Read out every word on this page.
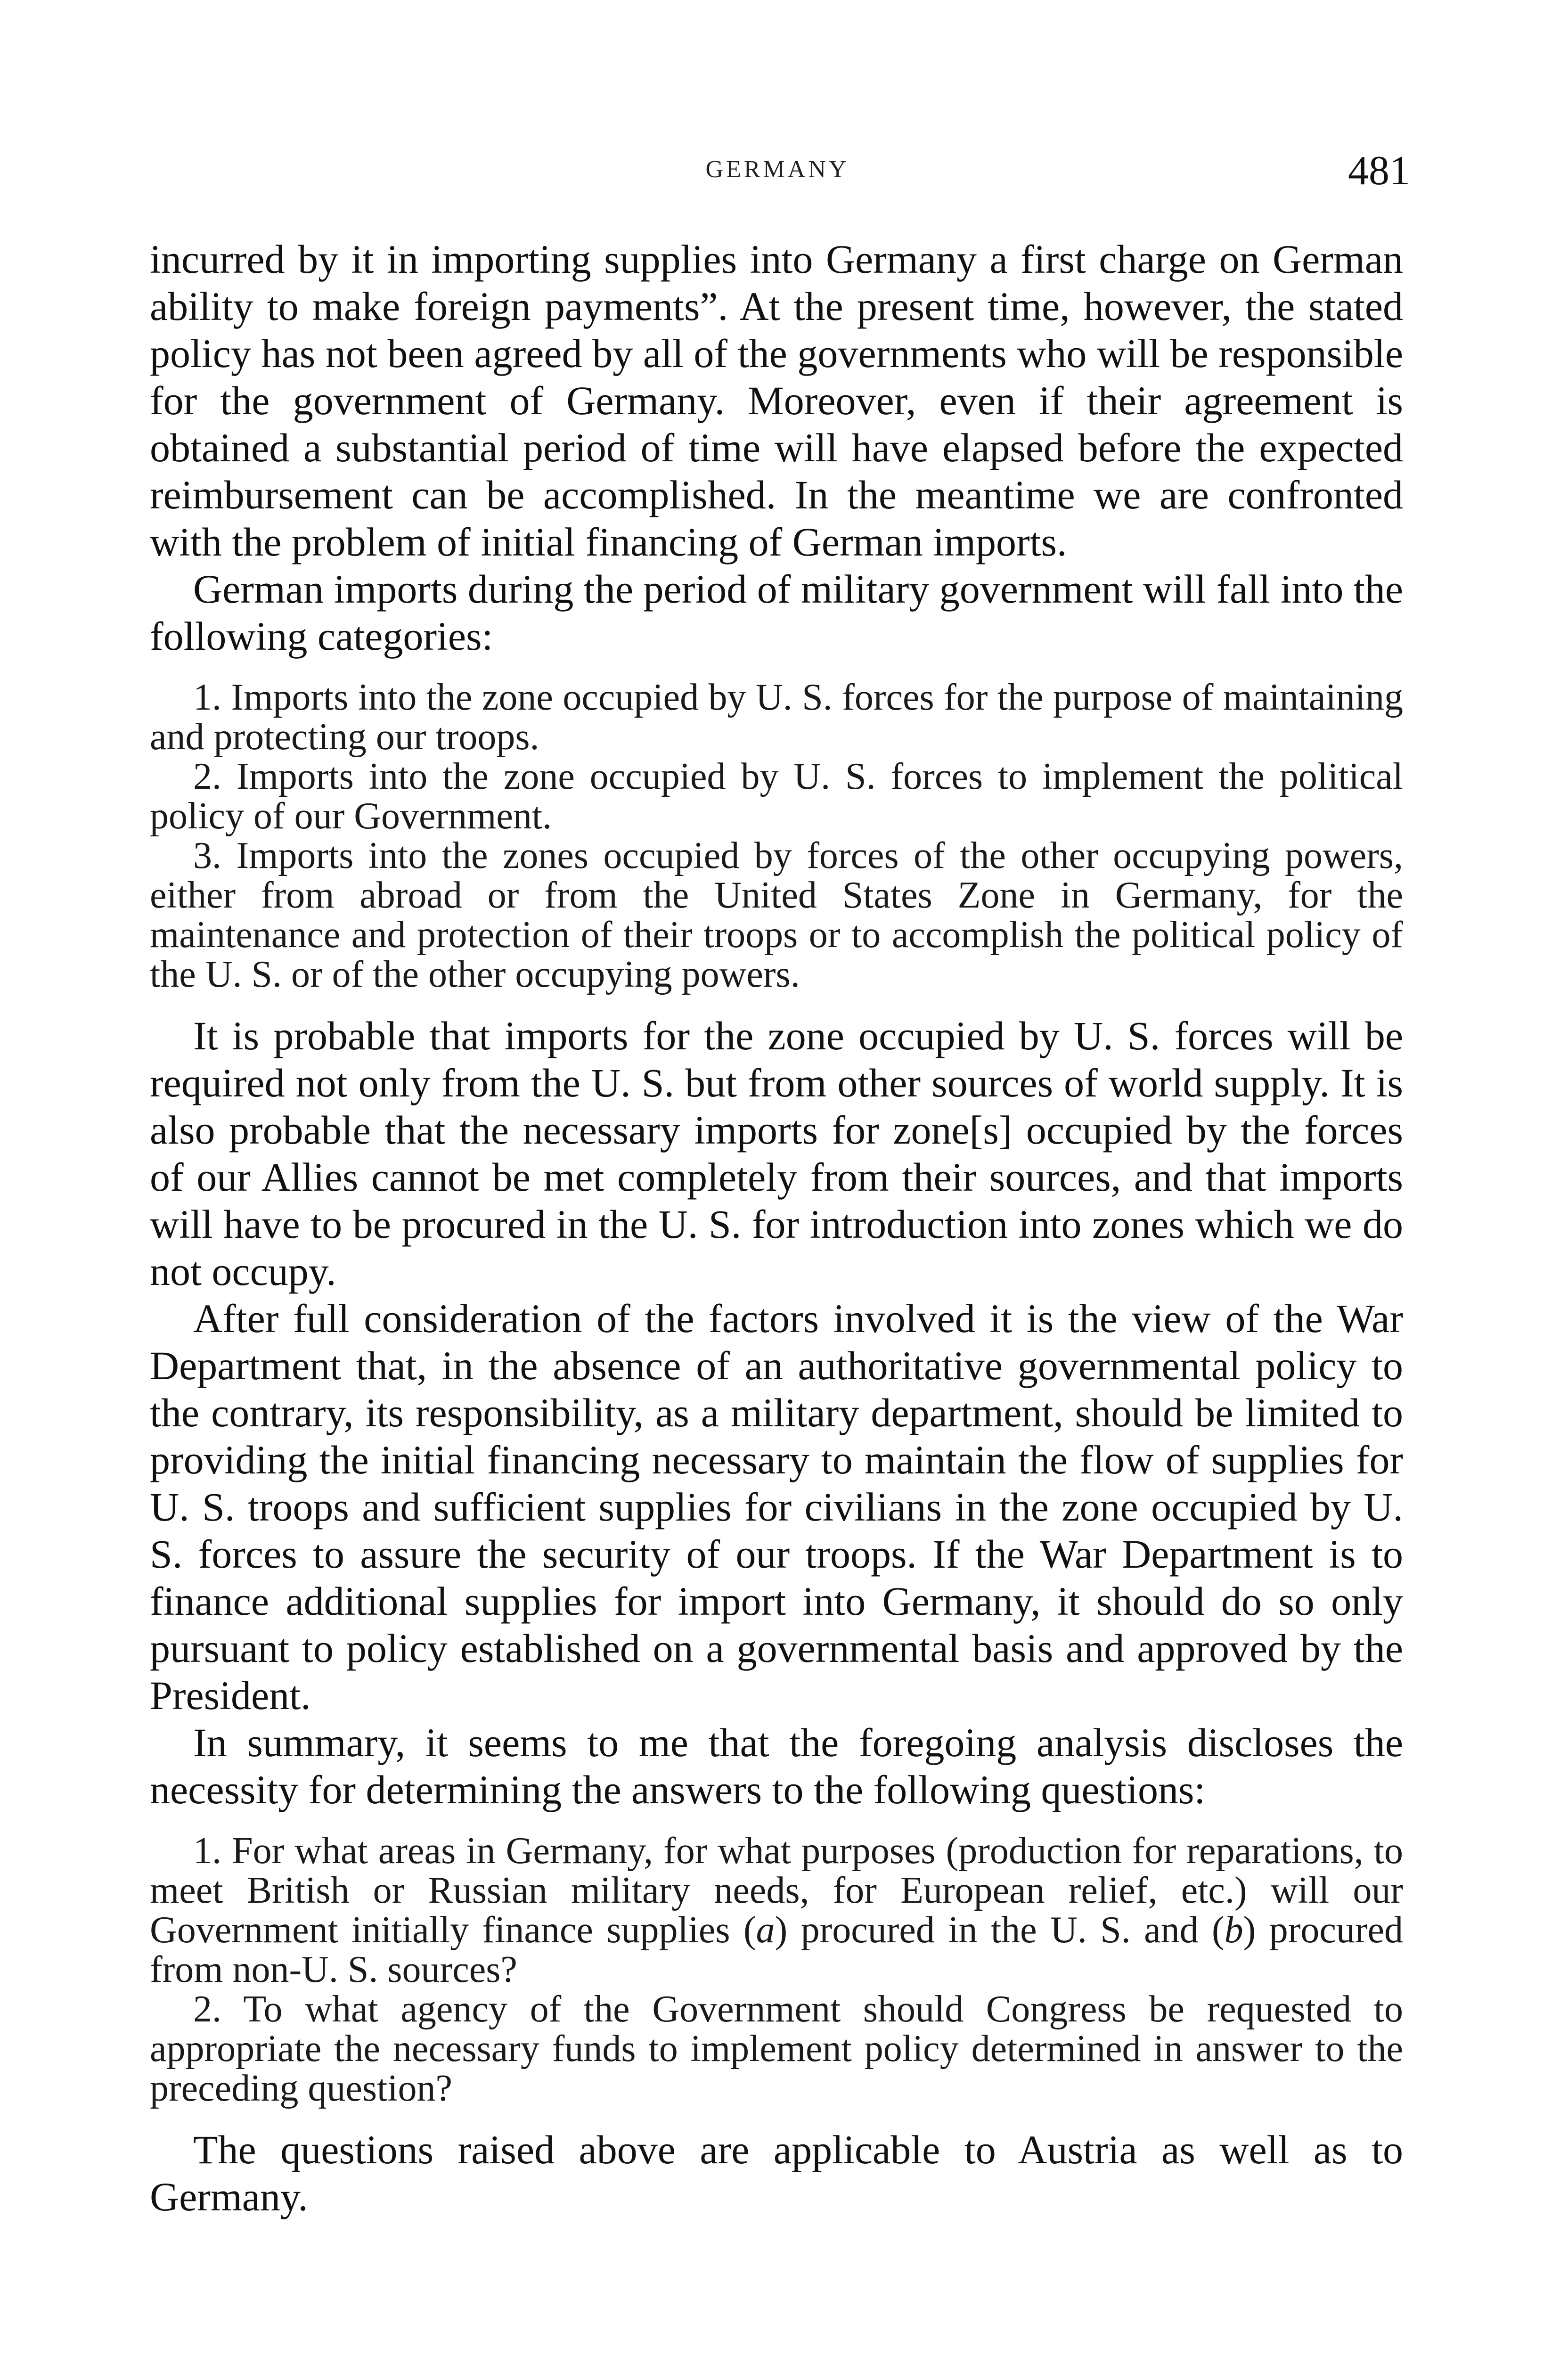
GERMANY	481

incurred by it in importing supplies into Germany a first charge on German ability to make foreign payments”. At the present time, however, the stated policy has not been agreed by all of the governments who will be responsible for the government of Germany. Moreover, even if their agreement is obtained a substantial period of time will have elapsed before the expected reimbursement can be accomplished. In the meantime we are confronted with the problem of initial financing of German imports.

German imports during the period of military government will fall into the following categories:

1. Imports into the zone occupied by U. S. forces for the purpose of maintaining and protecting our troops.

2. Imports into the zone occupied by U. S. forces to implement the political policy of our Government.

3. Imports into the zones occupied by forces of the other occupying powers, either from abroad or from the United States Zone in Germany, for the maintenance and protection of their troops or to accomplish the political policy of the U. S. or of the other occupying powers.

It is probable that imports for the zone occupied by U. S. forces will be required not only from the U. S. but from other sources of world supply. It is also probable that the necessary imports for zone[s] occupied by the forces of our Allies cannot be met completely from their sources, and that imports will have to be procured in the U. S. for introduction into zones which we do not occupy.

After full consideration of the factors involved it is the view of the War Department that, in the absence of an authoritative governmental policy to the contrary, its responsibility, as a military department, should be limited to providing the initial financing necessary to maintain the flow of supplies for U. S. troops and sufficient supplies for civilians in the zone occupied by U. S. forces to assure the security of our troops. If the War Department is to finance additional supplies for import into Germany, it should do so only pursuant to policy established on a governmental basis and approved by the President.

In summary, it seems to me that the foregoing analysis discloses the necessity for determining the answers to the following questions:

1. For what areas in Germany, for what purposes (production for reparations, to meet British or Russian military needs, for European relief, etc.) will our Government initially finance supplies (a) procured in the U. S. and (b) procured from non-U. S. sources?

2. To what agency of the Government should Congress be requested to appropriate the necessary funds to implement policy determined in answer to the preceding question?

The questions raised above are applicable to Austria as well as to Germany.
